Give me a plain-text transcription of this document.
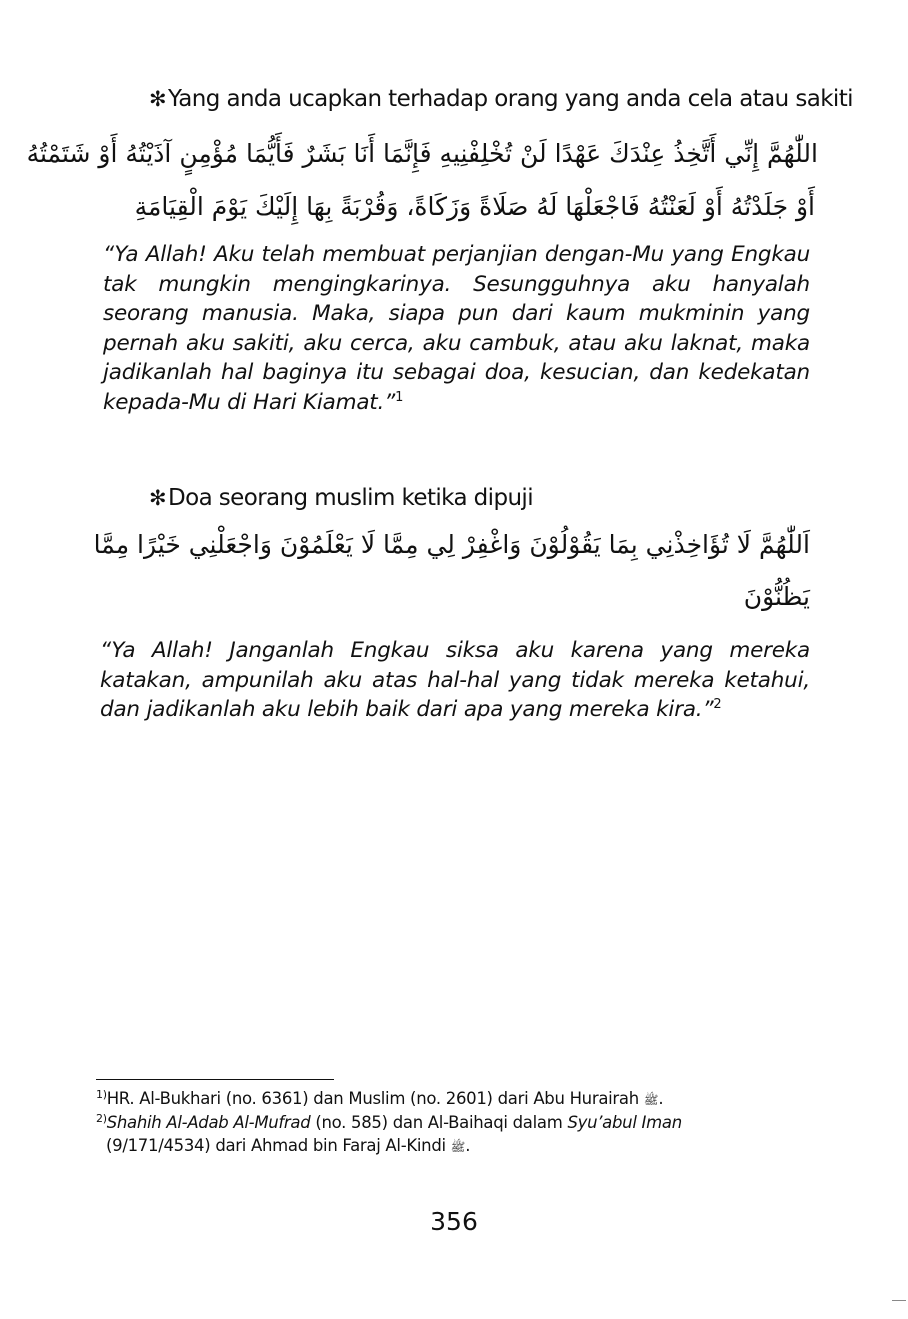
✻Yang anda ucapkan terhadap orang yang anda cela atau sakiti
اللّٰهُمَّ إِنِّي أَتَّخِذُ عِنْدَكَ عَهْدًا لَنْ تُخْلِفْنِيهِ فَإِنَّمَا أَنَا بَشَرٌ فَأَيُّمَا مُؤْمِنٍ آذَيْتُهُ أَوْ شَتَمْتُهُ
أَوْ جَلَدْتُهُ أَوْ لَعَنْتُهُ فَاجْعَلْهَا لَهُ صَلَاةً وَزَكَاةً، وَقُرْبَةً بِهَا إِلَيْكَ يَوْمَ الْقِيَامَةِ
“Ya Allah! Aku telah membuat perjanjian dengan-Mu yang Engkau tak mungkin mengingkarinya. Sesungguhnya aku hanyalah seorang manusia. Maka, siapa pun dari kaum mukminin yang pernah aku sakiti, aku cerca, aku cambuk, atau aku laknat, maka jadikanlah hal baginya itu sebagai doa, kesucian, dan kedekatan kepada-Mu di Hari Kiamat.”$^1$
✻Doa seorang muslim ketika dipuji
اَللّٰهُمَّ لَا تُؤَاخِذْنِي بِمَا يَقُوْلُوْنَ وَاغْفِرْ لِي مِمَّا لَا يَعْلَمُوْنَ وَاجْعَلْنِي خَيْرًا مِمَّا
يَظُنُّوْنَ
“Ya Allah! Janganlah Engkau siksa aku karena yang mereka katakan, ampunilah aku atas hal-hal yang tidak mereka ketahui, dan jadikanlah aku lebih baik dari apa yang mereka kira.”$^2$
$^{1)}$HR. Al-Bukhari (no. 6361) dan Muslim (no. 2601) dari Abu Hurairah ﷺ.
$^{2)}$Shahih Al-Adab Al-Mufrad (no. 585) dan Al-Baihaqi dalam Syu’abul Iman
(9/171/4534) dari Ahmad bin Faraj Al-Kindi ﷺ.
356
